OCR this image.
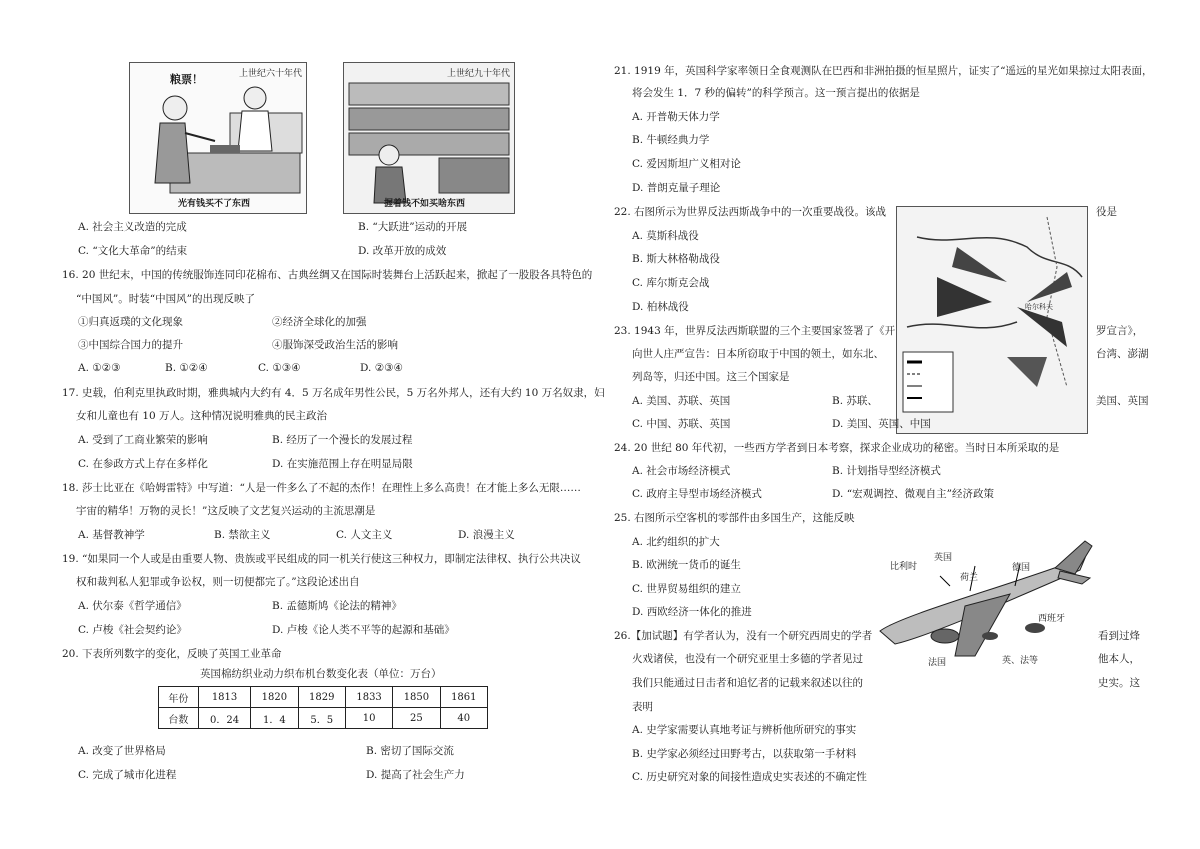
上世纪六十年代
粮票！
光有钱买不了东西
上世纪九十年代
握着钱不如买啥东西
A. 社会主义改造的完成	B. “大跃进”运动的开展
C. “文化大革命”的结束	D. 改革开放的成效
16. 20 世纪末，中国的传统服饰连同印花棉布、古典丝绸又在国际时装舞台上活跃起来，掀起了一股股各具特色的
“中国风”。时装“中国风”的出现反映了
①归真返璞的文化现象	②经济全球化的加强
③中国综合国力的提升	④服饰深受政治生活的影响
A. ①②③	B. ①②④	C. ①③④	D. ②③④
17. 史载，伯利克里执政时期，雅典城内大约有 4．5 万名成年男性公民，5 万名外邦人，还有大约 10 万名奴隶，妇
女和儿童也有 10 万人。这种情况说明雅典的民主政治
A. 受到了工商业繁荣的影响	B. 经历了一个漫长的发展过程
C. 在参政方式上存在多样化	D. 在实施范围上存在明显局限
18. 莎士比亚在《哈姆雷特》中写道：“人是一件多么了不起的杰作！在理性上多么高贵！在才能上多么无限……
宇宙的精华！万物的灵长！”这反映了文艺复兴运动的主流思潮是
A. 基督教神学	B. 禁欲主义	C. 人文主义	D. 浪漫主义
19. “如果同一个人或是由重要人物、贵族或平民组成的同一机关行使这三种权力，即制定法律权、执行公共决议
权和裁判私人犯罪或争讼权，则一切便都完了。”这段论述出自
A. 伏尔泰《哲学通信》	B. 孟德斯鸠《论法的精神》
C. 卢梭《社会契约论》	D. 卢梭《论人类不平等的起源和基础》
20. 下表所列数字的变化，反映了英国工业革命
英国棉纺织业动力织布机台数变化表（单位：万台）
年份	1813	1820	1829	1833	1850	1861
台数	0．24	1．4	5．5	10	25	40
A. 改变了世界格局	B. 密切了国际交流
C. 完成了城市化进程	D. 提高了社会生产力
21. 1919 年，英国科学家率领日全食观测队在巴西和非洲拍摄的恒星照片，证实了“遥远的星光如果掠过太阳表面，
将会发生 1．7 秒的偏转”的科学预言。这一预言提出的依据是
A. 开普勒天体力学
B. 牛顿经典力学
C. 爱因斯坦广义相对论
D. 普朗克量子理论
22. 右图所示为世界反法西斯战争中的一次重要战役。该战	役是
A. 莫斯科战役
B. 斯大林格勒战役
C. 库尔斯克会战
D. 柏林战役	哈尔科夫
23. 1943 年，世界反法西斯联盟的三个主要国家签署了《开	罗宣言》，
向世人庄严宣告：日本所窃取于中国的领土，如东北、	台湾、澎湖
列岛等，归还中国。这三个国家是
A. 美国、苏联、英国	B. 苏联、	美国、英国
C. 中国、苏联、英国	D. 美国、英国、中国
24. 20 世纪 80 年代初，一些西方学者到日本考察，探求企业成功的秘密。当时日本所采取的是
A. 社会市场经济模式	B. 计划指导型经济模式
C. 政府主导型市场经济模式	D. “宏观调控、微观自主”经济政策
25. 右图所示空客机的零部件由多国生产，这能反映
A. 北约组织的扩大
B. 欧洲统一货币的诞生
C. 世界贸易组织的建立
D. 西欧经济一体化的推进
英国
比利时
荷兰
德国
西班牙
法国	英、法等
26.【加试题】有学者认为，没有一个研究西周史的学者	看到过烽
火戏诸侯，也没有一个研究亚里士多德的学者见过	他本人，
我们只能通过日击者和追忆者的记载来叙述以往的	史实。这
表明
A. 史学家需要认真地考证与辨析他所研究的事实
B. 史学家必须经过田野考古，以获取第一手材料
C. 历史研究对象的间接性造成史实表述的不确定性
